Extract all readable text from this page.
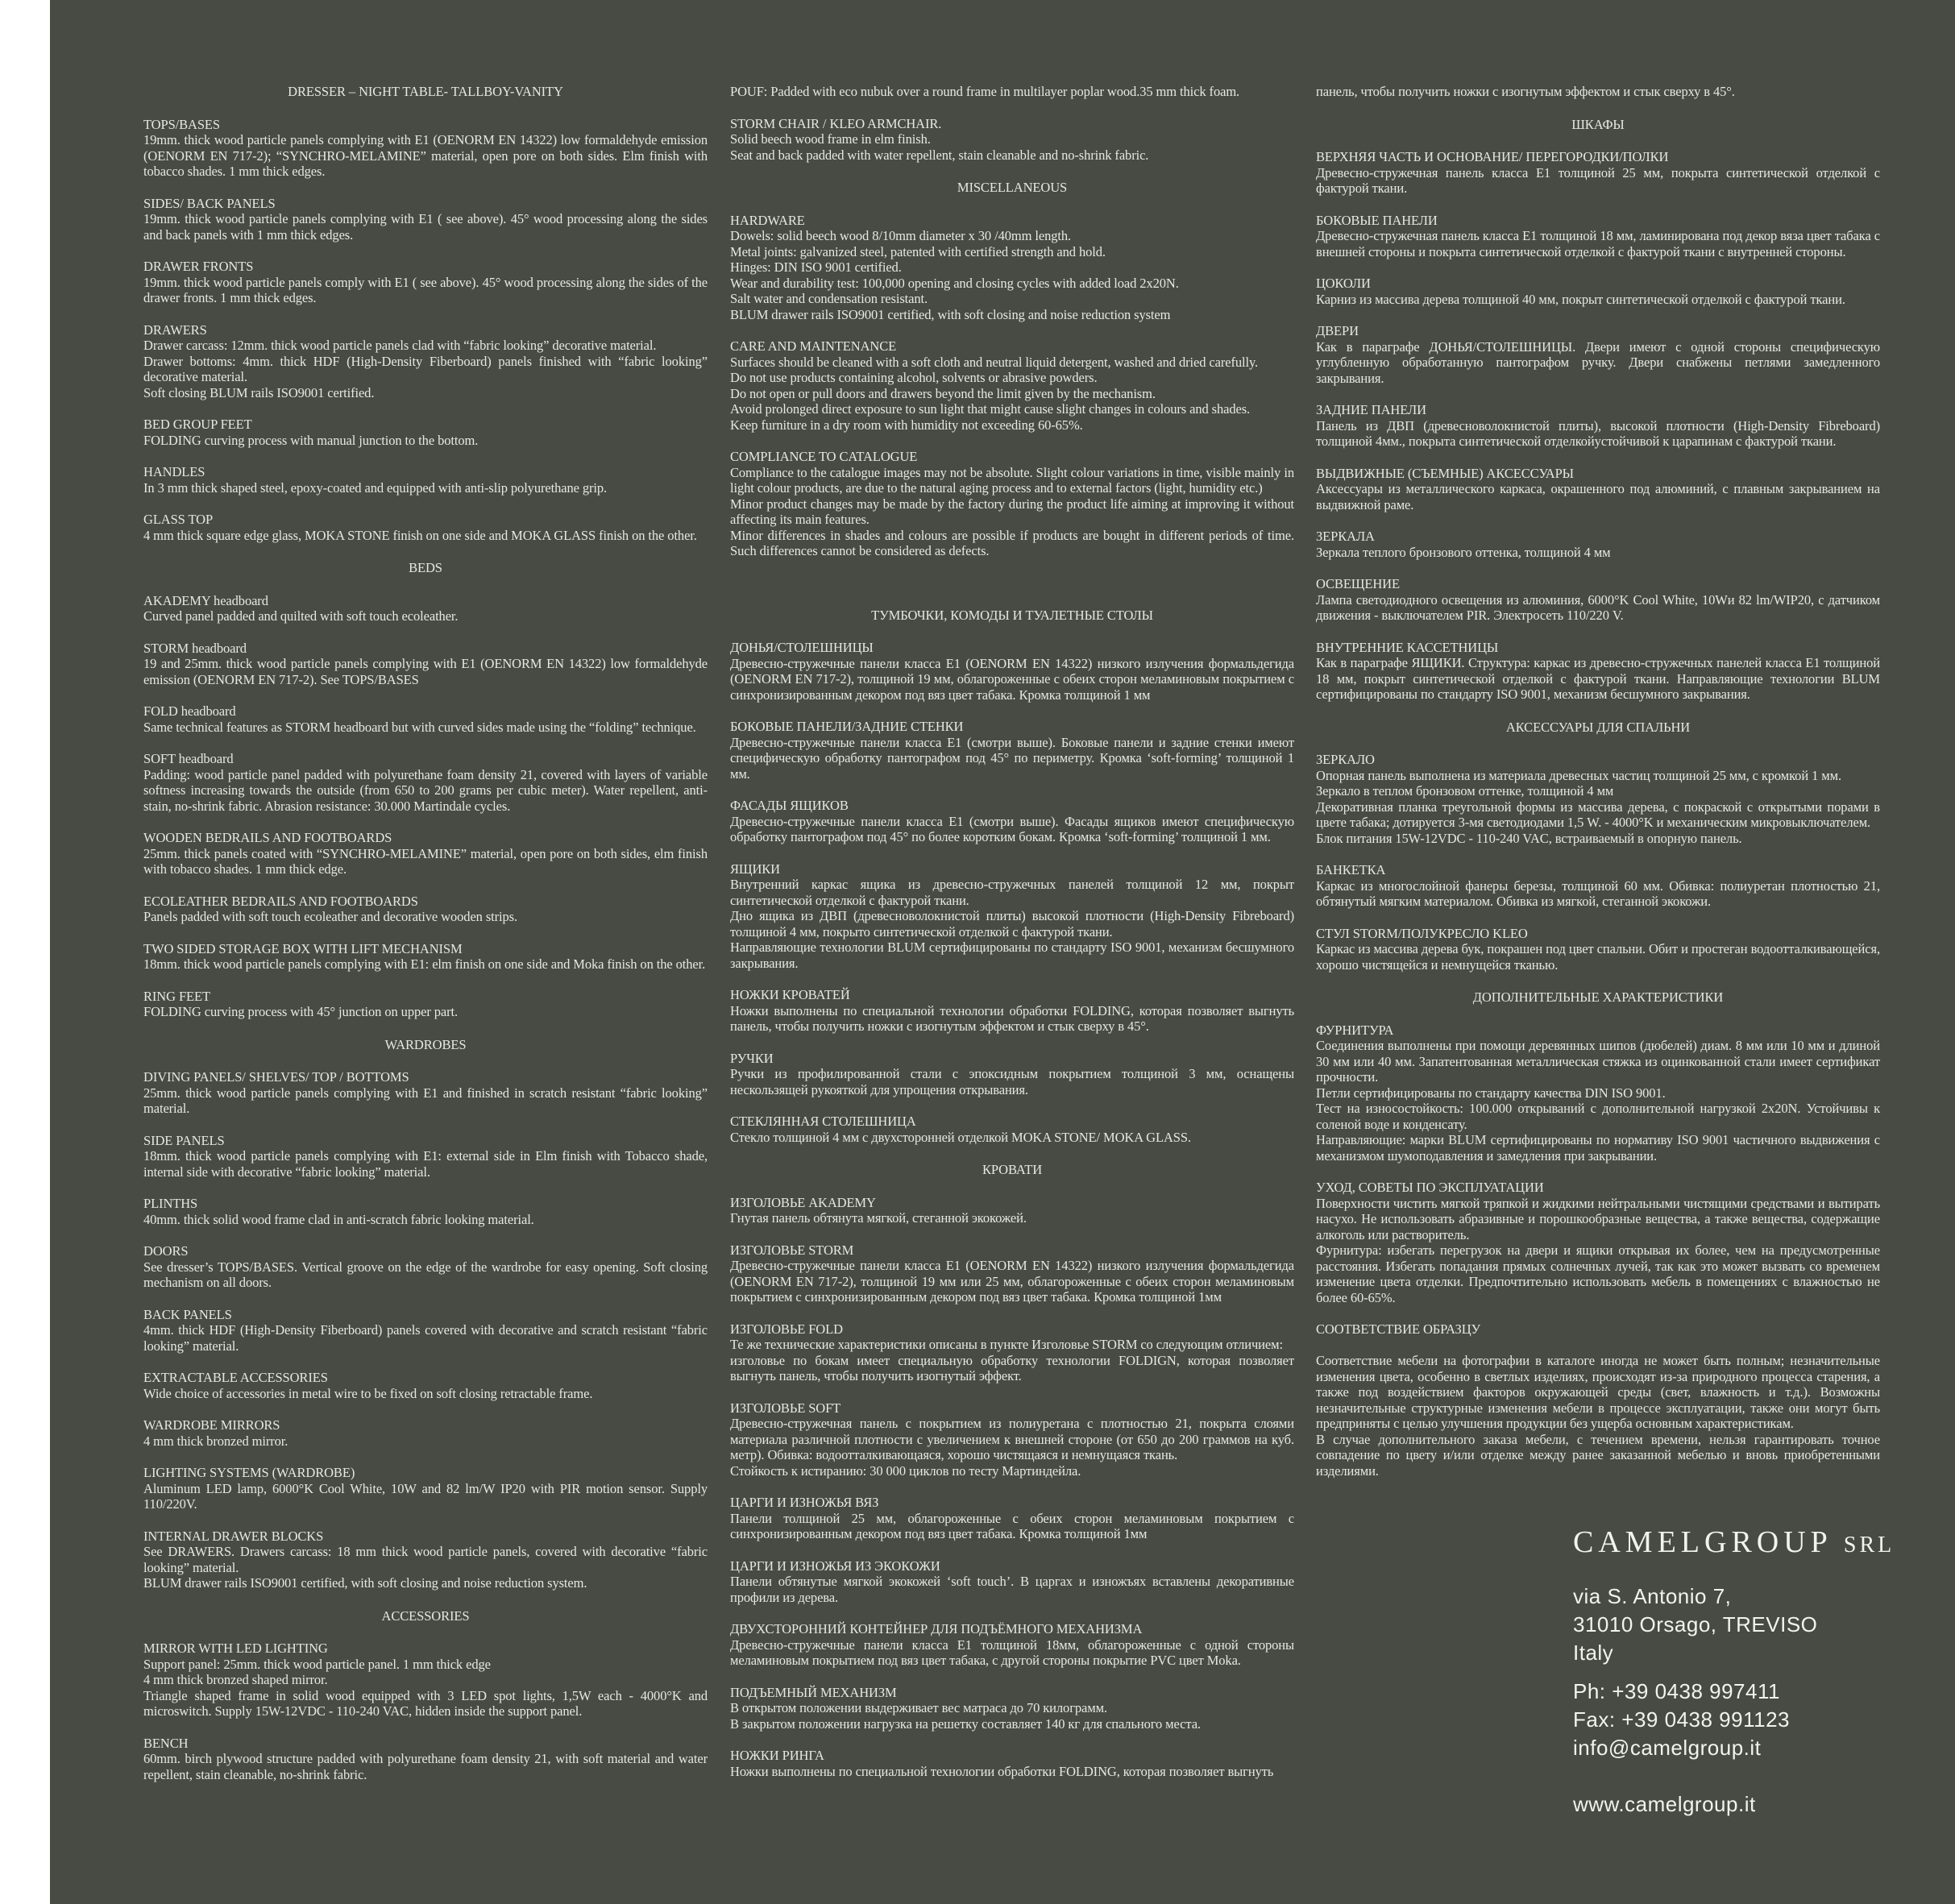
DRESSER – NIGHT TABLE- TALLBOY-VANITY
TOPS/BASES
19mm. thick wood particle panels complying with E1 (OENORM EN 14322) low formaldehyde emission (OENORM EN 717-2); “SYNCHRO-MELAMINE” material, open pore on both sides. Elm finish with tobacco shades. 1 mm thick edges.
SIDES/ BACK PANELS
19mm. thick wood particle panels complying with E1 ( see above). 45° wood processing along the sides and back panels with 1 mm thick edges.
DRAWER FRONTS
19mm. thick wood particle panels comply with E1 ( see above). 45° wood processing along the sides of the drawer fronts. 1 mm thick edges.
DRAWERS
Drawer carcass: 12mm. thick wood particle panels clad with “fabric looking” decorative material.
Drawer bottoms: 4mm. thick HDF (High-Density Fiberboard) panels finished with “fabric looking” decorative material.
Soft closing BLUM rails ISO9001 certified.
BED GROUP FEET
FOLDING curving process with manual junction to the bottom.
HANDLES
In 3 mm thick shaped steel, epoxy-coated and equipped with anti-slip polyurethane grip.
GLASS TOP
4 mm thick square edge glass, MOKA STONE finish on one side and MOKA GLASS finish on the other.
BEDS
AKADEMY headboard
Curved panel padded and quilted with soft touch ecoleather.
STORM headboard
19 and 25mm. thick wood particle panels complying with E1 (OENORM EN 14322) low formaldehyde emission (OENORM EN 717-2). See TOPS/BASES
FOLD headboard
Same technical features as STORM headboard but with curved sides made using the “folding” technique.
SOFT headboard
Padding: wood particle panel padded with polyurethane foam density 21, covered with layers of variable softness increasing towards the outside (from 650 to 200 grams per cubic meter). Water repellent, anti-stain, no-shrink fabric. Abrasion resistance: 30.000 Martindale cycles.
WOODEN BEDRAILS AND FOOTBOARDS
25mm. thick panels coated with “SYNCHRO-MELAMINE” material, open pore on both sides, elm finish with tobacco shades. 1 mm thick edge.
ECOLEATHER BEDRAILS AND FOOTBOARDS
Panels padded with soft touch ecoleather and decorative wooden strips.
TWO SIDED STORAGE BOX WITH LIFT MECHANISM
18mm. thick wood particle panels complying with E1: elm finish on one side and Moka finish on the other.
RING FEET
FOLDING curving process with 45° junction on upper part.
WARDROBES
DIVING PANELS/ SHELVES/ TOP / BOTTOMS
25mm. thick wood particle panels complying with E1 and finished in scratch resistant “fabric looking” material.
SIDE PANELS
18mm. thick wood particle panels complying with E1: external side in Elm finish with Tobacco shade, internal side with decorative “fabric looking” material.
PLINTHS
40mm. thick solid wood frame clad in anti-scratch fabric looking material.
DOORS
See dresser’s TOPS/BASES. Vertical groove on the edge of the wardrobe for easy opening. Soft closing mechanism on all doors.
BACK PANELS
4mm. thick HDF (High-Density Fiberboard) panels covered with decorative and scratch resistant “fabric looking” material.
EXTRACTABLE ACCESSORIES
Wide choice of accessories in metal wire to be fixed on soft closing retractable frame.
WARDROBE MIRRORS
4 mm thick bronzed mirror.
LIGHTING SYSTEMS (WARDROBE)
Aluminum LED lamp, 6000°K Cool White, 10W and 82 lm/W IP20 with PIR motion sensor. Supply 110/220V.
INTERNAL DRAWER BLOCKS
See DRAWERS. Drawers carcass: 18 mm thick wood particle panels, covered with decorative “fabric looking” material.
BLUM drawer rails ISO9001 certified, with soft closing and noise reduction system.
ACCESSORIES
MIRROR WITH LED LIGHTING
Support panel: 25mm. thick wood particle panel. 1 mm thick edge
4 mm thick bronzed shaped mirror.
Triangle shaped frame in solid wood equipped with 3 LED spot lights, 1,5W each - 4000°K and microswitch. Supply 15W-12VDC - 110-240 VAC, hidden inside the support panel.
BENCH
60mm. birch plywood structure padded with polyurethane foam density 21, with soft material and water repellent, stain cleanable, no-shrink fabric.
POUF: Padded with eco nubuk over a round frame in multilayer poplar wood.35 mm thick foam.
STORM CHAIR / KLEO ARMCHAIR.
Solid beech wood frame in elm finish.
Seat and back padded with water repellent, stain cleanable and no-shrink fabric.
MISCELLANEOUS
HARDWARE
Dowels: solid beech wood 8/10mm diameter x 30 /40mm length.
Metal joints: galvanized steel, patented with certified strength and hold.
Hinges: DIN ISO 9001 certified.
Wear and durability test: 100,000 opening and closing cycles with added load 2x20N.
Salt water and condensation resistant.
BLUM drawer rails ISO9001 certified, with soft closing and noise reduction system
CARE AND MAINTENANCE
Surfaces should be cleaned with a soft cloth and neutral liquid detergent, washed and dried carefully.
Do not use products containing alcohol, solvents or abrasive powders.
Do not open or pull doors and drawers beyond the limit given by the mechanism.
Avoid prolonged direct exposure to sun light that might cause slight changes in colours and shades.
Keep furniture in a dry room with humidity not exceeding 60-65%.
COMPLIANCE TO CATALOGUE
Compliance to the catalogue images may not be absolute. Slight colour variations in time, visible mainly in light colour products, are due to the natural aging process and to external factors (light, humidity etc.)
Minor product changes may be made by the factory during the product life aiming at improving it without affecting its main features.
Minor differences in shades and colours are possible if products are bought in different periods of time. Such differences cannot be considered as defects.
ТУМБОЧКИ, КОМОДЫ И ТУАЛЕТНЫЕ СТОЛЫ
ДОНЬЯ/СТОЛЕШНИЦЫ
Древесно-стружечные панели класса Е1 (OENORM EN 14322) низкого излучения формальдегида (OENORM EN 717-2), толщиной 19 мм, облагороженные с обеих сторон меламиновым покрытием с синхронизированным декором под вяз цвет табака. Кромка толщиной 1 мм
БОКОВЫЕ ПАНЕЛИ/ЗАДНИЕ СТЕНКИ
Древесно-стружечные панели класса Е1 (смотри выше). Боковые панели и задние стенки имеют специфическую обработку пантографом под 45° по периметру. Кромка ‘soft-forming’ толщиной 1 мм.
ФАСАДЫ ЯЩИКОВ
Древесно-стружечные панели класса Е1 (смотри выше). Фасады ящиков имеют специфическую обработку пантографом под 45° по более коротким бокам. Кромка ‘soft-forming’ толщиной 1 мм.
ЯЩИКИ
Внутренний каркас ящика из древесно-стружечных панелей толщиной 12 мм, покрыт синтетической отделкой с фактурой ткани.
Дно ящика из ДВП (древесноволокнистой плиты) высокой плотности (High-Density Fibreboard) толщиной 4 мм, покрыто синтетической отделкой с фактурой ткани.
Направляющие технологии BLUM сертифицированы по стандарту ISO 9001, механизм бесшумного закрывания.
НОЖКИ КРОВАТЕЙ
Ножки выполнены по специальной технологии обработки FOLDING, которая позволяет выгнуть панель, чтобы получить ножки с изогнутым эффектом и стык сверху в 45°.
РУЧКИ
Ручки из профилированной стали с эпоксидным покрытием толщиной 3 мм, оснащены нескользящей рукояткой для упрощения открывания.
СТЕКЛЯННАЯ СТОЛЕШНИЦА
Стекло толщиной 4 мм с двухсторонней отделкой MOKA STONE/ MOKA GLASS.
КРОВАТИ
ИЗГОЛОВЬЕ AKADEMY
Гнутая панель обтянута мягкой, стеганной экокожей.
ИЗГОЛОВЬЕ STORM
Древесно-стружечные панели класса Е1 (OENORM EN 14322) низкого излучения формальдегида (OENORM EN 717-2), толщиной 19 мм или 25 мм, облагороженные с обеих сторон меламиновым покрытием с синхронизированным декором под вяз цвет табака. Кромка толщиной 1мм
ИЗГОЛОВЬЕ FOLD
Те же технические характеристики описаны в пункте Изголовье STORM со следующим отличием:
изголовье по бокам имеет специальную обработку технологии FOLDIGN, которая позволяет выгнуть панель, чтобы получить изогнутый эффект.
ИЗГОЛОВЬЕ SOFT
Древесно-стружечная панель с покрытием из полиуретана с плотностью 21, покрыта слоями материала различной плотности с увеличением к внешней стороне (от 650 до 200 граммов на куб. метр). Обивка: водоотталкивающаяся, хорошо чистящаяся и немнущаяся ткань.
Стойкость к истиранию: 30 000 циклов по тесту Мартиндейла.
ЦАРГИ И ИЗНОЖЬЯ ВЯЗ
Панели толщиной 25 мм, облагороженные с обеих сторон меламиновым покрытием с синхронизированным декором под вяз цвет табака. Кромка толщиной 1мм
ЦАРГИ И ИЗНОЖЬЯ ИЗ ЭКОКОЖИ
Панели обтянутые мягкой экокожей ‘soft touch’. В царгах и изножъях вставлены декоративные профили из дерева.
ДВУХСТОРОННИЙ КОНТЕЙНЕР ДЛЯ ПОДЪЁМНОГО МЕХАНИЗМА
Древесно-стружечные панели класса Е1 толщиной 18мм, облагороженные с одной стороны меламиновым покрытием под вяз цвет табака, с другой стороны покрытие PVC цвет Moka.
ПОДЪЕМНЫЙ МЕХАНИЗМ
В открытом положении выдерживает вес матраса до 70 килограмм.
В закрытом положении нагрузка на решетку составляет 140 кг для спального места.
НОЖКИ РИНГА
Ножки выполнены по специальной технологии обработки FOLDING, которая позволяет выгнуть
панель, чтобы получить ножки с изогнутым эффектом и стык сверху в 45°.
ШКАФЫ
ВЕРХНЯЯ ЧАСТЬ И ОСНОВАНИЕ/ ПЕРЕГОРОДКИ/ПОЛКИ
Древесно-стружечная панель класса Е1 толщиной 25 мм, покрыта синтетической отделкой с фактурой ткани.
БОКОВЫЕ ПАНЕЛИ
Древесно-стружечная панель класса Е1 толщиной 18 мм, ламинирована под декор вяза цвет табака с внешней стороны и покрыта синтетической отделкой с фактурой ткани с внутренней стороны.
ЦОКОЛИ
Карниз из массива дерева толщиной 40 мм, покрыт синтетической отделкой с фактурой ткани.
ДВЕРИ
Как в параграфе ДОНЬЯ/СТОЛЕШНИЦЫ. Двери имеют с одной стороны специфическую углубленную обработанную пантографом ручку. Двери снабжены петлями замедленного закрывания.
ЗАДНИЕ ПАНЕЛИ
Панель из ДВП (древесноволокнистой плиты), высокой плотности (High-Density Fibreboard) толщиной 4мм., покрыта синтетической отделкойустойчивой к царапинам с фактурой ткани.
ВЫДВИЖНЫЕ (СЪЕМНЫЕ) АКСЕССУАРЫ
Аксессуары из металлического каркаса, окрашенного под алюминий, с плавным закрыванием на выдвижной раме.
ЗЕРКАЛА
Зеркала теплого бронзового оттенка, толщиной 4 мм
ОСВЕЩЕНИЕ
Лампа светодиодного освещения из алюминия, 6000°K Cool White, 10Wи 82 lm/WIP20, с датчиком движения - выключателем PIR. Электросеть 110/220 V.
ВНУТРЕННИЕ КАССЕТНИЦЫ
Как в параграфе ЯЩИКИ. Структура: каркас из древесно-стружечных панелей класса Е1 толщиной 18 мм, покрыт синтетической отделкой с фактурой ткани. Направляющие технологии BLUM сертифицированы по стандарту ISO 9001, механизм бесшумного закрывания.
АКСЕССУАРЫ ДЛЯ СПАЛЬНИ
ЗЕРКАЛО
Опорная панель выполнена из материала древесных частиц толщиной 25 мм, с кромкой 1 мм.
Зеркало в теплом бронзовом оттенке, толщиной 4 мм
Декоративная планка треугольной формы из массива дерева, с покраской с открытыми порами в цвете табака; дотируется 3-мя светодиодами 1,5 W. - 4000°K и механическим микровыключателем.
Блок питания 15W-12VDC - 110-240 VAC, встраиваемый в опорную панель.
БАНКЕТКА
Каркас из многослойной фанеры березы, толщиной 60 мм. Обивка: полиуретан плотностью 21, обтянутый мягким материалом. Обивка из мягкой, стеганной экокожи.
СТУЛ STORM/ПОЛУКРЕСЛО KLEO
Каркас из массива дерева бук, покрашен под цвет спальни. Обит и простеган водоотталкивающейся, хорошо чистящейся и немнущейся тканью.
ДОПОЛНИТЕЛЬНЫЕ ХАРАКТЕРИСТИКИ
ФУРНИТУРА
Соединения выполнены при помощи деревянных шипов (дюбелей) диам. 8 мм или 10 мм и длиной 30 мм или 40 мм. Запатентованная металлическая стяжка из оцинкованной стали имеет сертификат прочности.
Петли сертифицированы по стандарту качества DIN ISO 9001.
Тест на износостойкость: 100.000 открываний с дополнительной нагрузкой 2x20N. Устойчивы к соленой воде и конденсату.
Направляющие: марки BLUM сертифицированы по нормативу ISO 9001 частичного выдвижения с механизмом шумоподавления и замедления при закрывании.
УХОД, СОВЕТЫ ПО ЭКСПЛУАТАЦИИ
Поверхности чистить мягкой тряпкой и жидкими нейтральными чистящими средствами и вытирать насухо. Не использовать абразивные и порошкообразные вещества, а также вещества, содержащие алкоголь или растворитель.
Фурнитура: избегать перегрузок на двери и ящики открывая их более, чем на предусмотренные расстояния. Избегать попадания прямых солнечных лучей, так как это может вызвать со временем изменение цвета отделки. Предпочтительно использовать мебель в помещениях с влажностью не более 60-65%.
СООТВЕТСТВИЕ ОБРАЗЦУ
Соответствие мебели на фотографии в каталоге иногда не может быть полным; незначительные изменения цвета, особенно в светлых изделиях, происходят из-за природного процесса старения, а также под воздействием факторов окружающей среды (свет, влажность и т.д.). Возможны незначительные структурные изменения мебели в процессе эксплуатации, также они могут быть предприняты с целью улучшения продукции без ущерба основным характеристикам.
В случае дополнительного заказа мебели, с течением времени, нельзя гарантировать точное совпадение по цвету и/или отделке между ранее заказанной мебелью и вновь приобретенными изделиями.
CAMELGROUP SRL
via S. Antonio 7,
31010 Orsago, TREVISO
Italy
Ph: +39 0438 997411
Fax: +39 0438 991123
info@camelgroup.it
www.camelgroup.it
